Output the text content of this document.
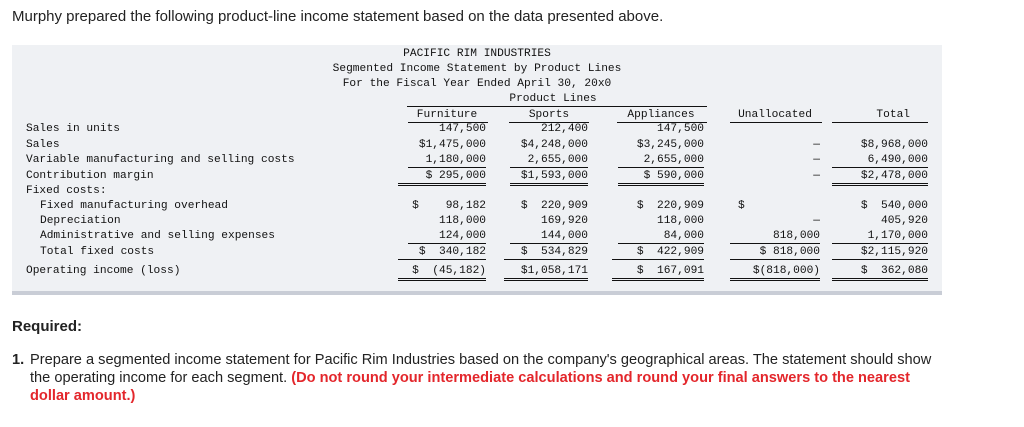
Murphy prepared the following product-line income statement based on the data presented above.
PACIFIC RIM INDUSTRIES
Segmented Income Statement by Product Lines
For the Fiscal Year Ended April 30, 20x0
Product Lines
Furniture	Sports	Appliances	Unallocated	Total
Sales in units	147,500	212,400	147,500
Sales	$1,475,000	$4,248,000	$3,245,000	—	$8,968,000
Variable manufacturing and selling costs	1,180,000	2,655,000	2,655,000	—	6,490,000
Contribution margin	$ 295,000	$1,593,000	$ 590,000	—	$2,478,000
Fixed costs:
Fixed manufacturing overhead	$    98,182	$  220,909	$  220,909	$	$  540,000
Depreciation	118,000	169,920	118,000	—	405,920
Administrative and selling expenses	124,000	144,000	84,000	818,000	1,170,000
Total fixed costs	$  340,182	$  534,829	$  422,909	$ 818,000	$2,115,920
Operating income (loss)	$  (45,182)	$1,058,171	$  167,091	$(818,000)	$  362,080
Required:
1. Prepare a segmented income statement for Pacific Rim Industries based on the company's geographical areas. The statement should show the operating income for each segment. (Do not round your intermediate calculations and round your final answers to the nearest dollar amount.)
